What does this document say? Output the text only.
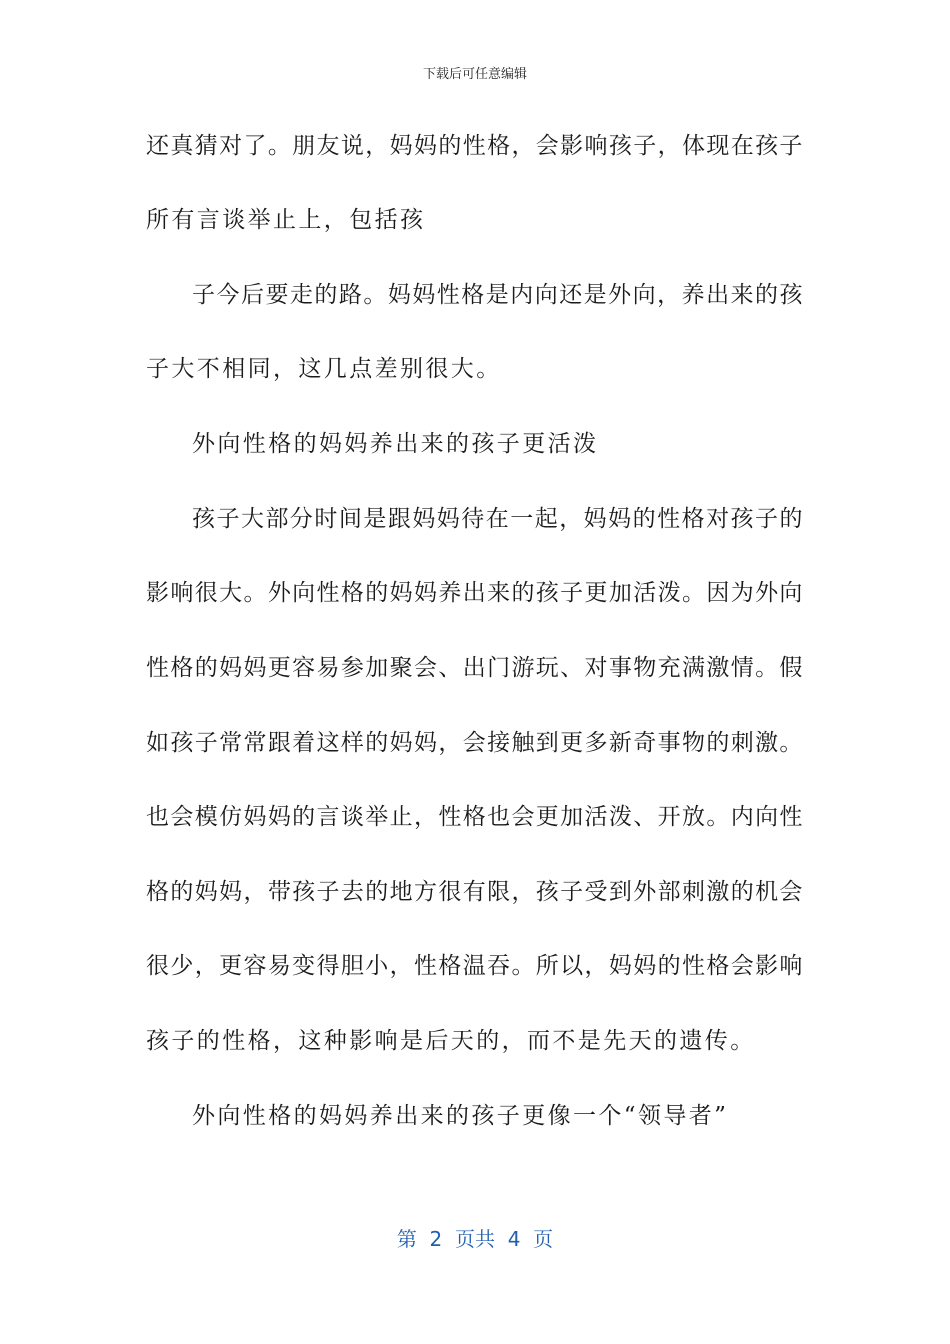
下载后可任意编辑
还真猜对了。朋友说，妈妈的性格，会影响孩子，体现在孩子
所有言谈举止上，包括孩
子今后要走的路。妈妈性格是内向还是外向，养出来的孩
子大不相同，这几点差别很大。
外向性格的妈妈养出来的孩子更活泼
孩子大部分时间是跟妈妈待在一起，妈妈的性格对孩子的
影响很大。外向性格的妈妈养出来的孩子更加活泼。因为外向
性格的妈妈更容易参加聚会、出门游玩、对事物充满激情。假
如孩子常常跟着这样的妈妈，会接触到更多新奇事物的刺激。
也会模仿妈妈的言谈举止，性格也会更加活泼、开放。内向性
格的妈妈，带孩子去的地方很有限，孩子受到外部刺激的机会
很少，更容易变得胆小，性格温吞。所以，妈妈的性格会影响
孩子的性格，这种影响是后天的，而不是先天的遗传。
外向性格的妈妈养出来的孩子更像一个“领导者”
第  2  页共  4  页
